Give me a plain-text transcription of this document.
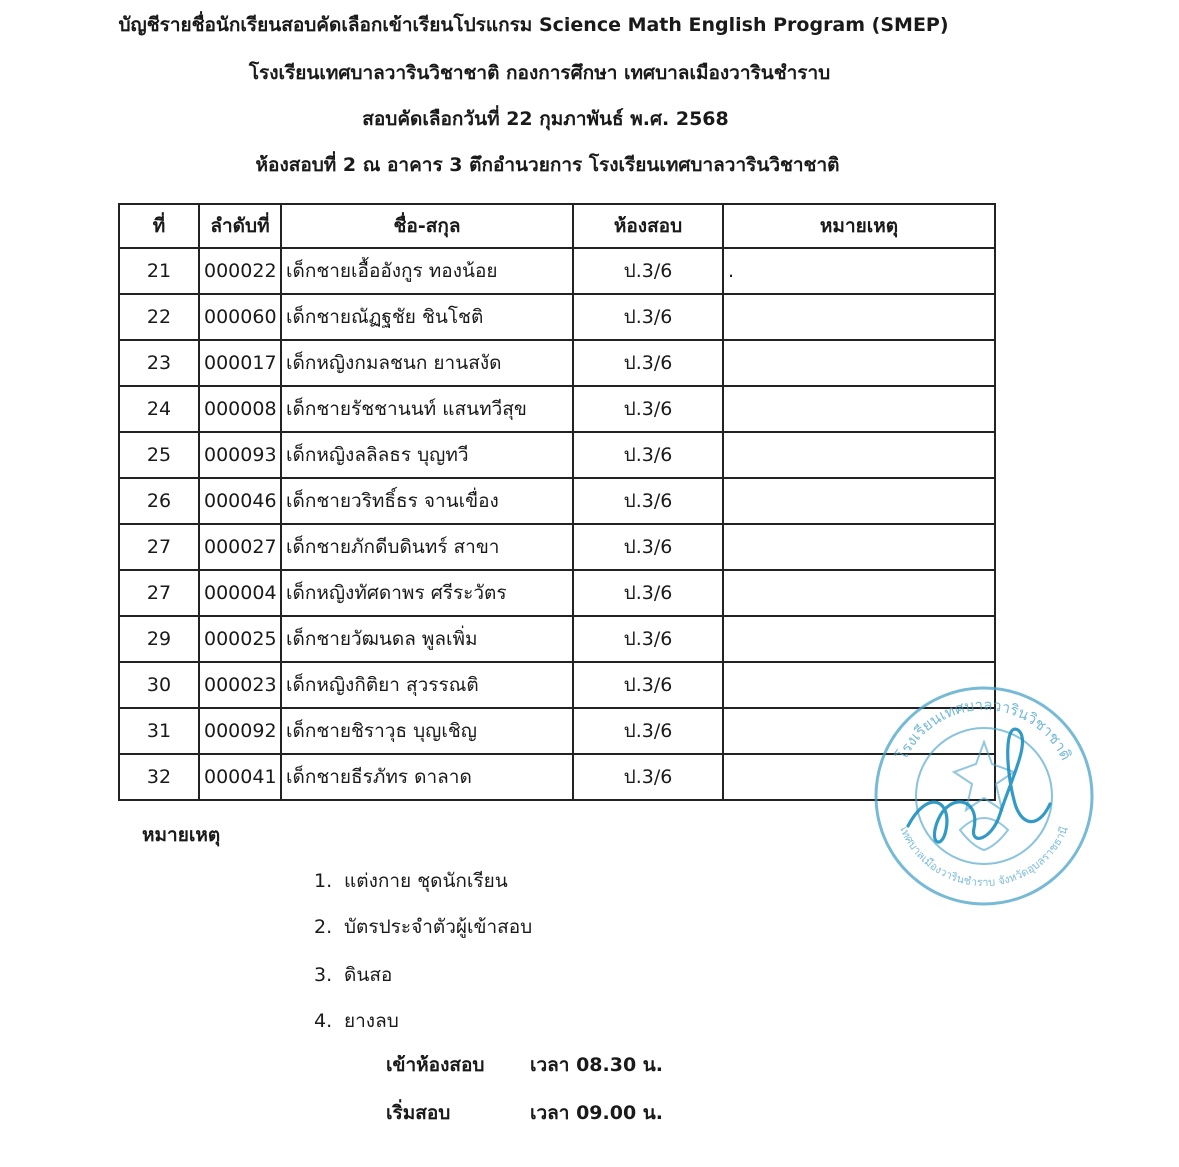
บัญชีรายชื่อนักเรียนสอบคัดเลือกเข้าเรียนโปรแกรม Science Math English Program (SMEP)
โรงเรียนเทศบาลวารินวิชาชาติ กองการศึกษา เทศบาลเมืองวารินชำราบ
สอบคัดเลือกวันที่ 22 กุมภาพันธ์ พ.ศ. 2568
ห้องสอบที่ 2 ณ อาคาร 3 ตึกอำนวยการ โรงเรียนเทศบาลวารินวิชาชาติ
ที่	ลำดับที่	ชื่อ-สกุล	ห้องสอบ	หมายเหตุ
21	000022	เด็กชายเอื้ออังกูร ทองน้อย	ป.3/6	.
22	000060	เด็กชายณัฏฐชัย ชินโชติ	ป.3/6	
23	000017	เด็กหญิงกมลชนก ยานสงัด	ป.3/6	
24	000008	เด็กชายรัชชานนท์ แสนทวีสุข	ป.3/6	
25	000093	เด็กหญิงลลิลธร บุญทวี	ป.3/6	
26	000046	เด็กชายวริทธิ์ธร จานเขื่อง	ป.3/6	
27	000027	เด็กชายภักดีบดินทร์ สาขา	ป.3/6	
27	000004	เด็กหญิงทัศดาพร ศรีระวัตร	ป.3/6	
29	000025	เด็กชายวัฒนดล พูลเพิ่ม	ป.3/6	
30	000023	เด็กหญิงกิติยา สุวรรณติ	ป.3/6	
31	000092	เด็กชายชิราวุธ บุญเชิญ	ป.3/6	
32	000041	เด็กชายธีรภัทร ดาลาด	ป.3/6	
หมายเหตุ
1. แต่งกาย ชุดนักเรียน
2. บัตรประจำตัวผู้เข้าสอบ
3. ดินสอ
4. ยางลบ
เข้าห้องสอบ เวลา 08.30 น.
เริ่มสอบ	เวลา 09.00 น.
โรงเรียนเทศบาลวารินวิชาชาติ
เทศบาลเมืองวารินชำราบ จังหวัดอุบลราชธานี
